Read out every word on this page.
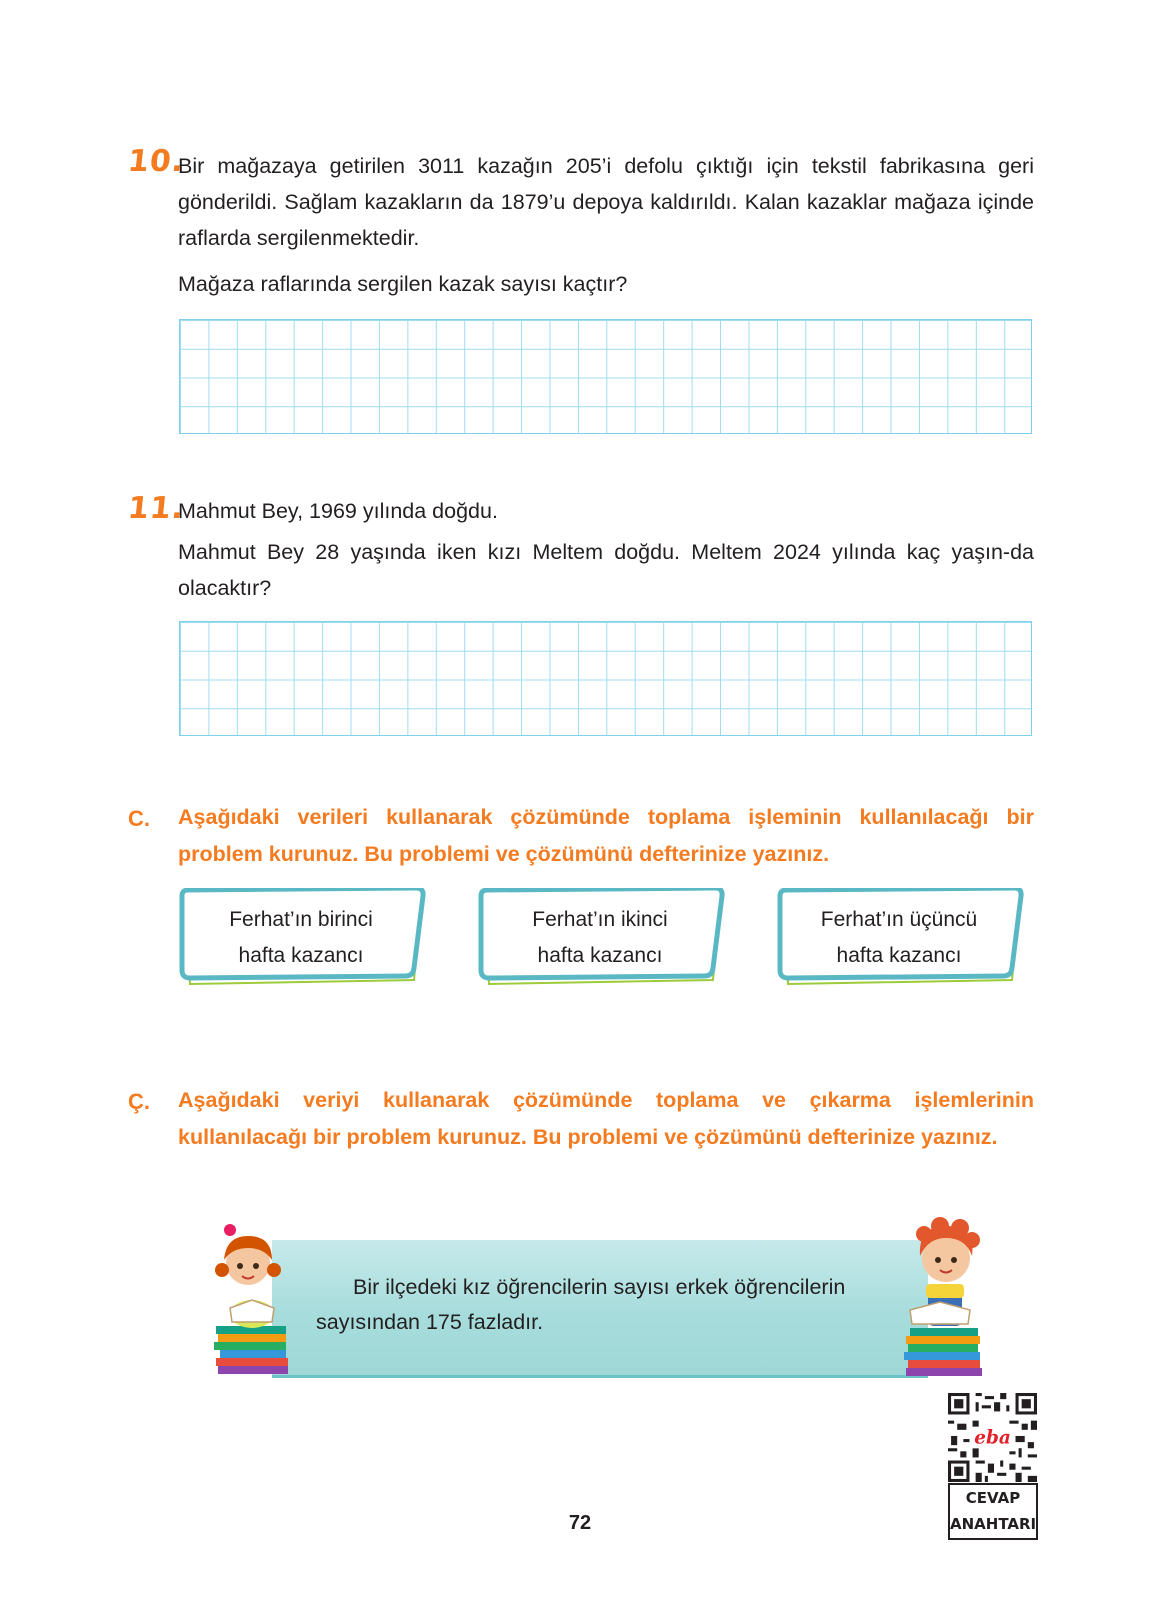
10.
Bir mağazaya getirilen 3011 kazağın 205’i defolu çıktığı için tekstil fabrikasına geri gönderildi. Sağlam kazakların da 1879’u depoya kaldırıldı. Kalan kazaklar mağaza içinde raflarda sergilenmektedir.
Mağaza raflarında sergilen kazak sayısı kaçtır?
11.
Mahmut Bey, 1969 yılında doğdu.
Mahmut Bey 28 yaşında iken kızı Meltem doğdu. Meltem 2024 yılında kaç yaşın-da olacaktır?
C. Aşağıdaki verileri kullanarak çözümünde toplama işleminin kullanılacağı bir problem kurunuz. Bu problemi ve çözümünü defterinize yazınız.
Ferhat’ın birinci
hafta kazancı
Ferhat’ın ikinci
hafta kazancı
Ferhat’ın üçüncü
hafta kazancı
Ç. Aşağıdaki veriyi kullanarak çözümünde toplama ve çıkarma işlemlerinin kullanılacağı bir problem kurunuz. Bu problemi ve çözümünü defterinize yazınız.
Bir ilçedeki kız öğrencilerin sayısı erkek öğrencilerin sayısından 175 fazladır.
eba
CEVAP
ANAHTARI
72
